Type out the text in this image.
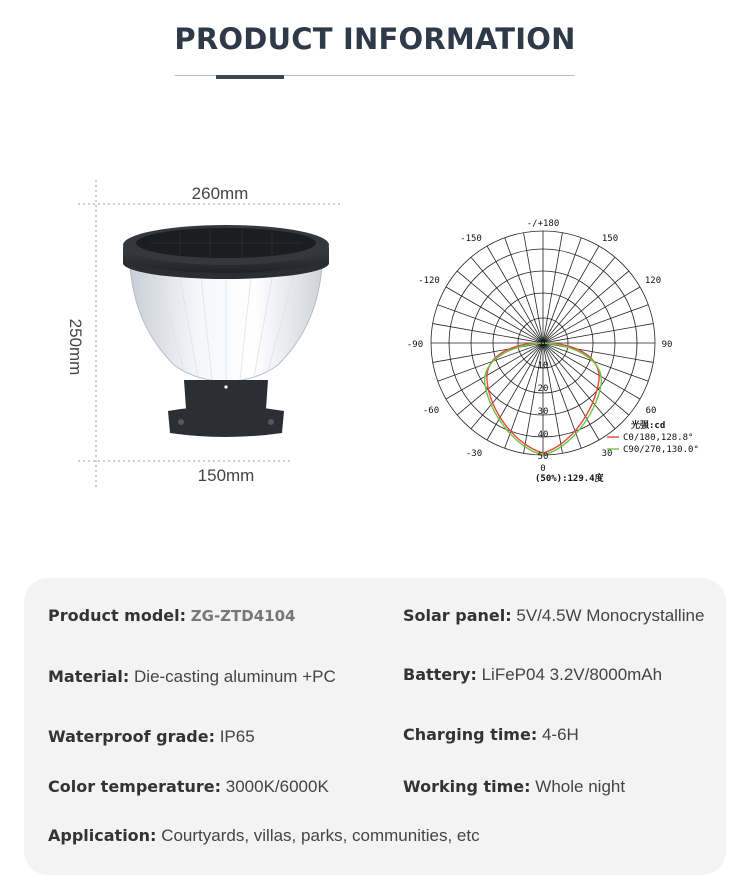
PRODUCT INFORMATION
260mm
250mm
150mm
-/+180
-150	150
-120	120
-90	90
-60	60
-30	30
0
10
20
30
40
50
0
光强:cd
C0/180,128.8°
C90/270,130.0°
(50%):129.4度
Product model: ZG-ZTD4104	Solar panel: 5V/4.5W Monocrystalline
Material: Die-casting aluminum +PC	Battery: LiFeP04 3.2V/8000mAh
Waterproof grade: IP65	Charging time: 4-6H
Color temperature: 3000K/6000K	Working time: Whole night
Application: Courtyards, villas, parks, communities, etc
